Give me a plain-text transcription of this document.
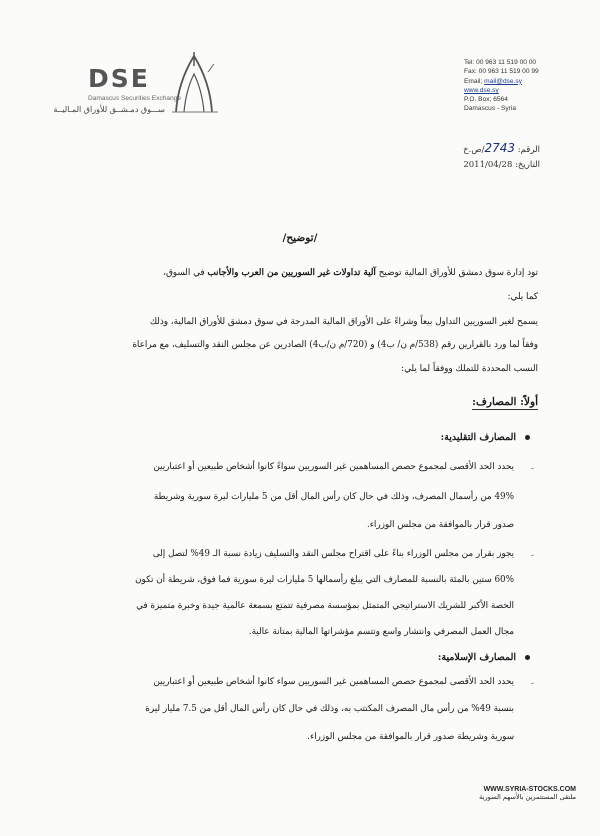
Tel: 00 963 11 519 00 00
Fax: 00 963 11 519 00 99
Email; mail@dse.sy
www.dse.sy
P.O. Box; 6564
Damascus - Syria
DSE
Damascus Securities Exchange
ســـوق دمـشــق للأوراق المـاليــة
الرقم: 2743/ص.خ
التاريخ: 2011/04/28
/توضيح/
تود إدارة سوق دمشق للأوراق المالية توضيح آلية تداولات غير السوريين من العرب والأجانب في السوق،
كما يلي:
يسمح لغير السوريين التداول بيعاً وشراءً على الأوراق المالية المدرجة في سوق دمشق للأوراق المالية، وذلك
وفقاً لما ورد بالقرارين رقم (538/م ن/ ب4) و (720/م ن/ب4) الصادرين عن مجلس النقد والتسليف، مع مراعاة
النسب المحددة للتملك ووفقاً لما يلي:
أولاً: المصارف:
المصارف التقليدية:
-
يحدد الحد الأقصى لمجموع حصص المساهمين غير السوريين سواءً كانوا أشخاص طبيعين أو اعتباريين
49% من رأسمال المصرف، وذلك في حال كان رأس المال أقل من 5 مليارات ليرة سورية وشريطة
صدور قرار بالموافقة من مجلس الوزراء.
-
يجوز بقرار من مجلس الوزراء بناءً على اقتراح مجلس النقد والتسليف زيادة نسبة الـ 49% لتصل إلى
60% ستين بالمئة بالنسبة للمصارف التي يبلغ رأسمالها 5 مليارات ليرة سورية فما فوق، شريطة أن تكون
الحصة الأكبر للشريك الاستراتيجي المتمثل بمؤسسة مصرفية تتمتع بسمعة عالمية جيدة وخبرة متميزة في
مجال العمل المصرفي وانتشار واسع وتتسم مؤشراتها المالية بمتانة عالية.
المصارف الإسلامية:
-
يحدد الحد الأقصى لمجموع حصص المساهمين غير السوريين سواء كانوا أشخاص طبيعين أو اعتباريين
بنسبة 49% من رأس مال المصرف المكتتب به، وذلك في حال كان رأس المال أقل من 7.5 مليار ليرة
سورية وشريطة صدور قرار بالموافقة من مجلس الوزراء.
WWW.SYRIA-STOCKS.COM
ملتقى المستثمرين بالأسهم السورية
